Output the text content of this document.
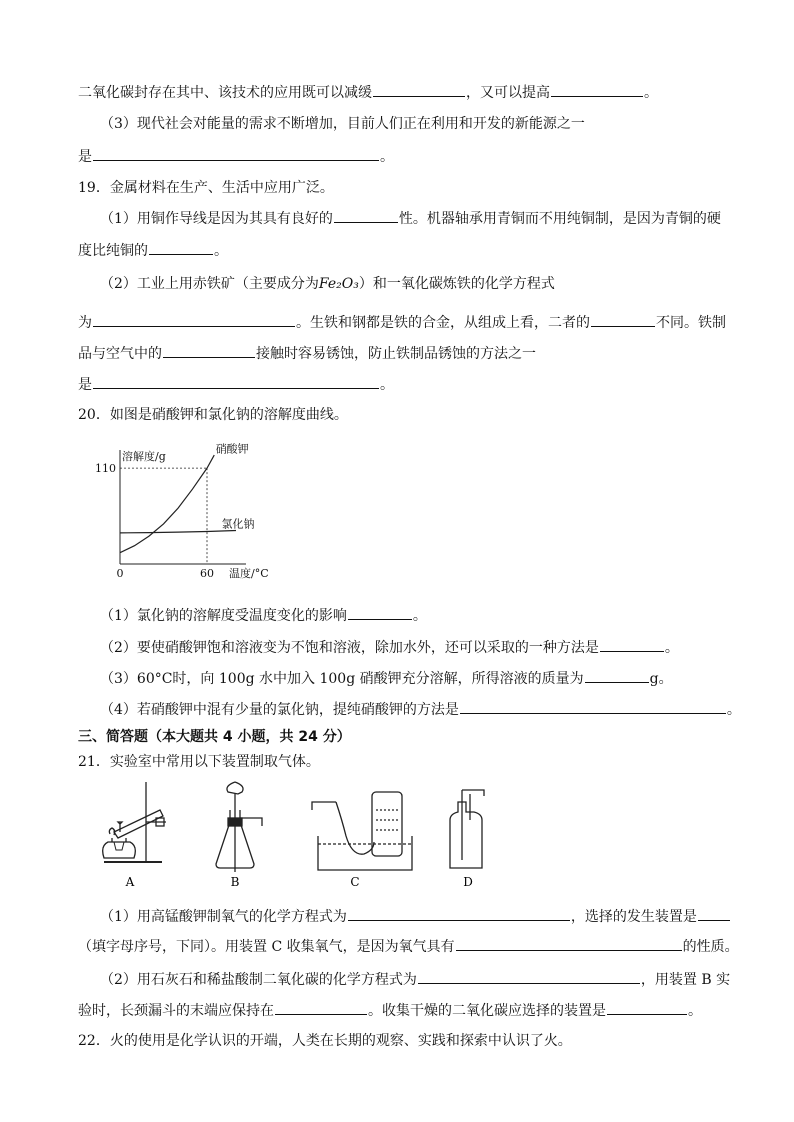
二氧化碳封存在其中、该技术的应用既可以减缓	，又可以提高	。
（3）现代社会对能量的需求不断增加，目前人们正在利用和开发的新能源之一
是	。
19．金属材料在生产、生活中应用广泛。
（1）用铜作导线是因为其具有良好的	性。机器轴承用青铜而不用纯铜制，是因为青铜的硬
度比纯铜的	。
（2）工业上用赤铁矿（主要成分为Fe₂O₃）和一氧化碳炼铁的化学方程式
为	。生铁和钢都是铁的合金，从组成上看，二者的	不同。铁制
品与空气中的	接触时容易锈蚀，防止铁制品锈蚀的方法之一
是	。
20．如图是硝酸钾和氯化钠的溶解度曲线。
溶解度/g
110
0	60 温度/°C
硝酸钾
氯化钠
（1）氯化钠的溶解度受温度变化的影响	。
（2）要使硝酸钾饱和溶液变为不饱和溶液，除加水外，还可以采取的一种方法是	。
（3）60°C时，向 100g 水中加入 100g 硝酸钾充分溶解，所得溶液的质量为	g。
（4）若硝酸钾中混有少量的氯化钠，提纯硝酸钾的方法是	。
三、简答题（本大题共 4 小题，共 24 分）
21．实验室中常用以下装置制取气体。
A	B	C	D
（1）用高锰酸钾制氧气的化学方程式为	，选择的发生装置是
（填字母序号，下同）。用装置 C 收集氧气，是因为氧气具有	的性质。
（2）用石灰石和稀盐酸制二氧化碳的化学方程式为	，用装置 B 实
验时，长颈漏斗的末端应保持在	。收集干燥的二氧化碳应选择的装置是	。
22．火的使用是化学认识的开端，人类在长期的观察、实践和探索中认识了火。
